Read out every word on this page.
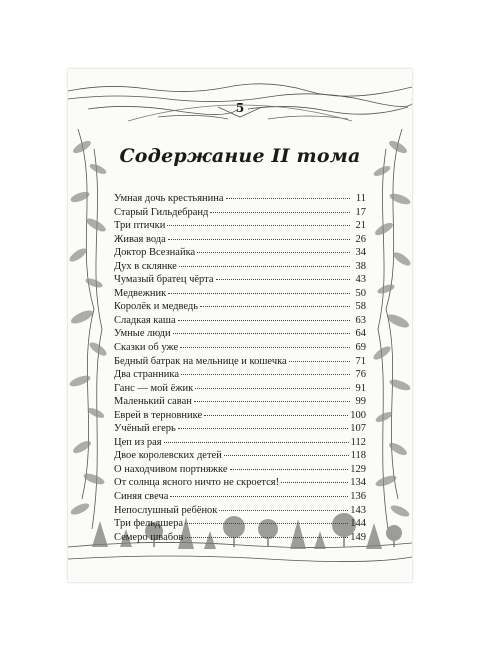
5
Содержание II тома
Умная дочь крестьянина	11
Старый Гильдебранд	17
Три птички	21
Живая вода	26
Доктор Всезнайка	34
Дух в склянке	38
Чумазый братец чёрта	43
Медвежник	50
Королёк и медведь	58
Сладкая каша	63
Умные люди	64
Сказки об уже	69
Бедный батрак на мельнице и кошечка	71
Два странника	76
Ганс — мой ёжик	91
Маленький саван	99
Еврей в терновнике	100
Учёный егерь	107
Цеп из рая	112
Двое королевских детей	118
О находчивом портняжке	129
От солнца ясного ничто не скроется!	134
Синяя свеча	136
Непослушный ребёнок	143
Три фельдшера	144
Семеро швабов	149
